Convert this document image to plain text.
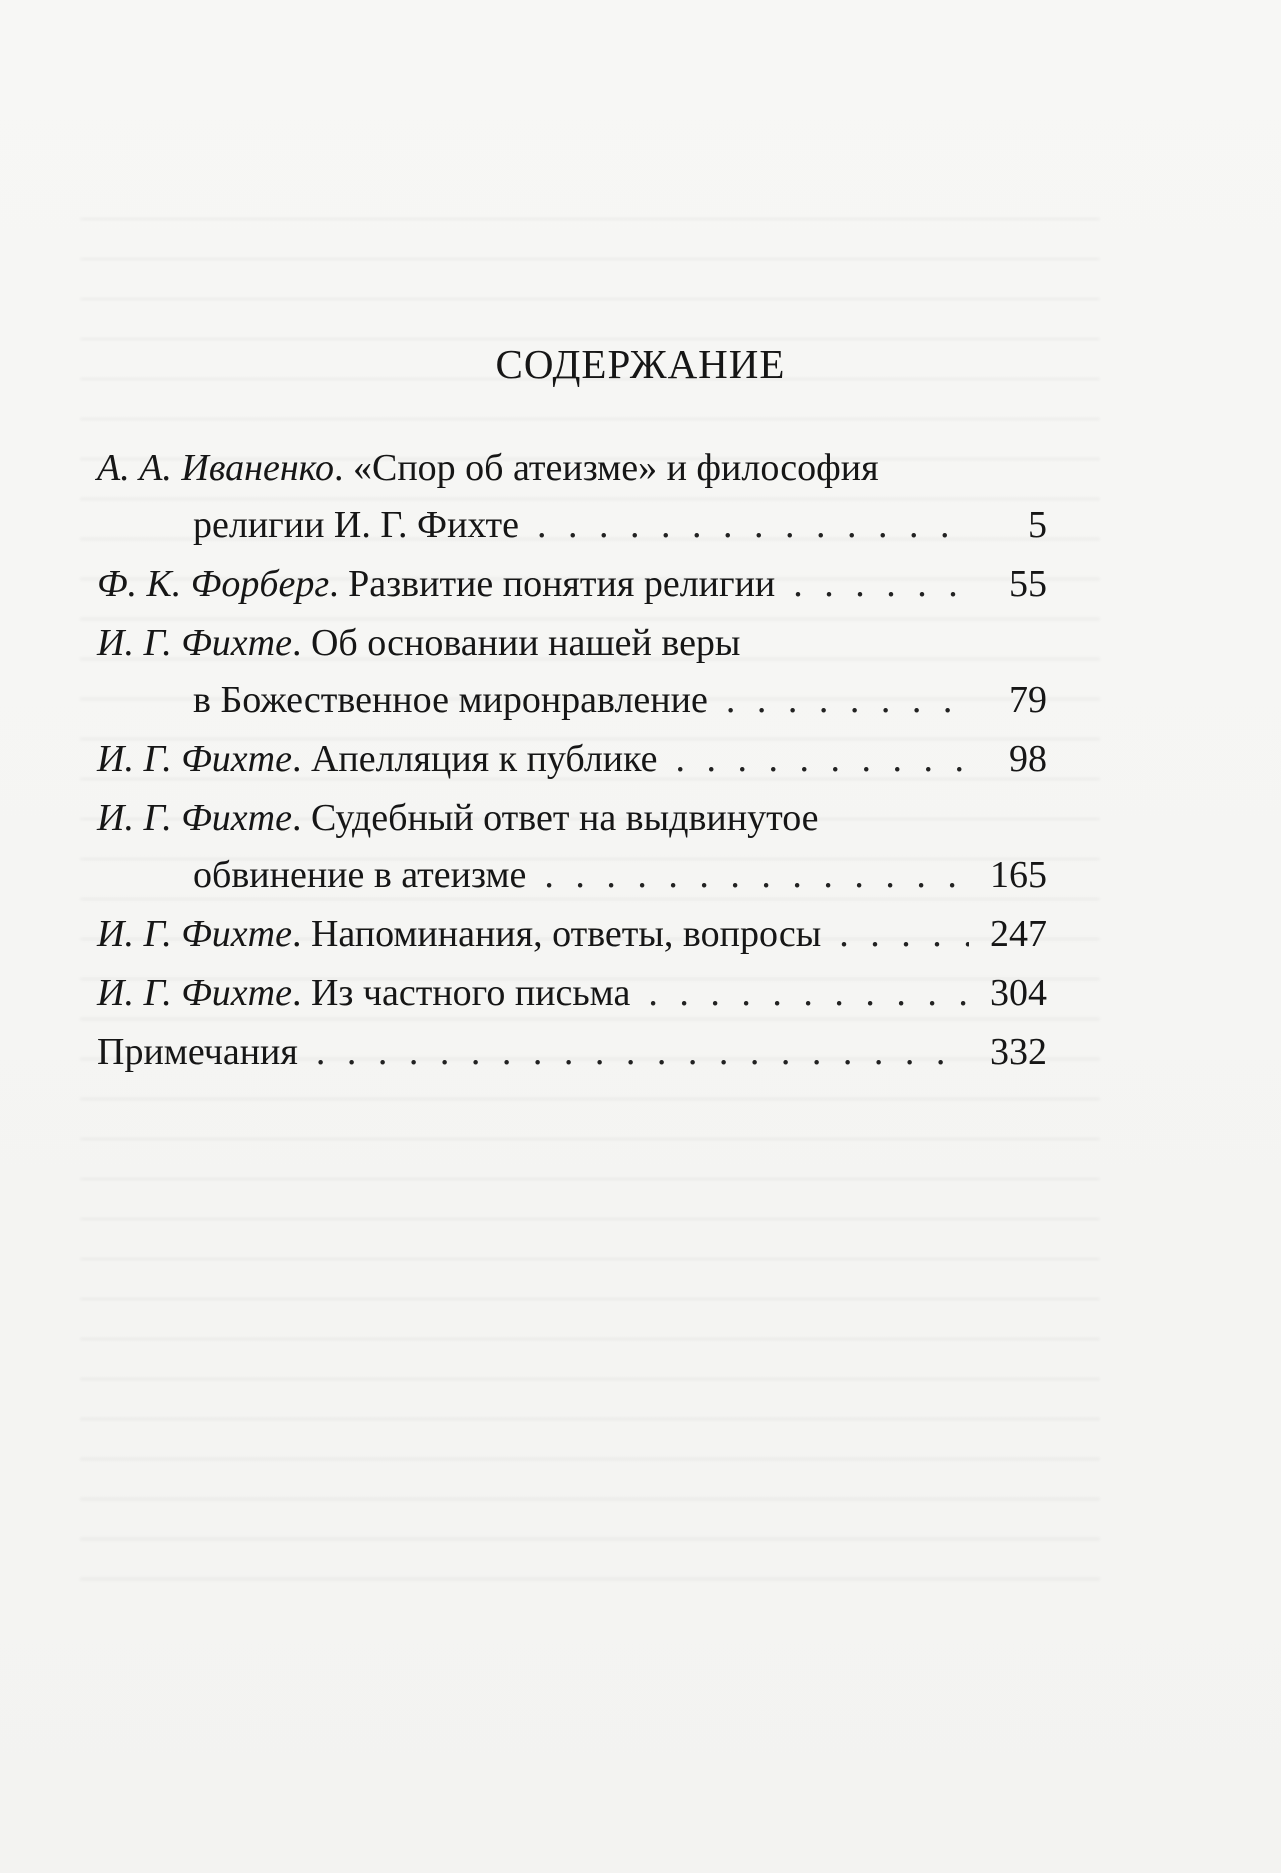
СОДЕРЖАНИЕ
А. А. Иваненко. «Спор об атеизме» и философия
религии И. Г. Фихте . . .	5
Ф. К. Форберг. Развитие понятия религии . . .	55
И. Г. Фихте. Об основании нашей веры
в Божественное миронравление . . .	79
И. Г. Фихте. Апелляция к публике . . .	98
И. Г. Фихте. Судебный ответ на выдвинутое
обвинение в атеизме . . .	165
И. Г. Фихте. Напоминания, ответы, вопросы . . .	247
И. Г. Фихте. Из частного письма . . .	304
Примечания . . .	332
